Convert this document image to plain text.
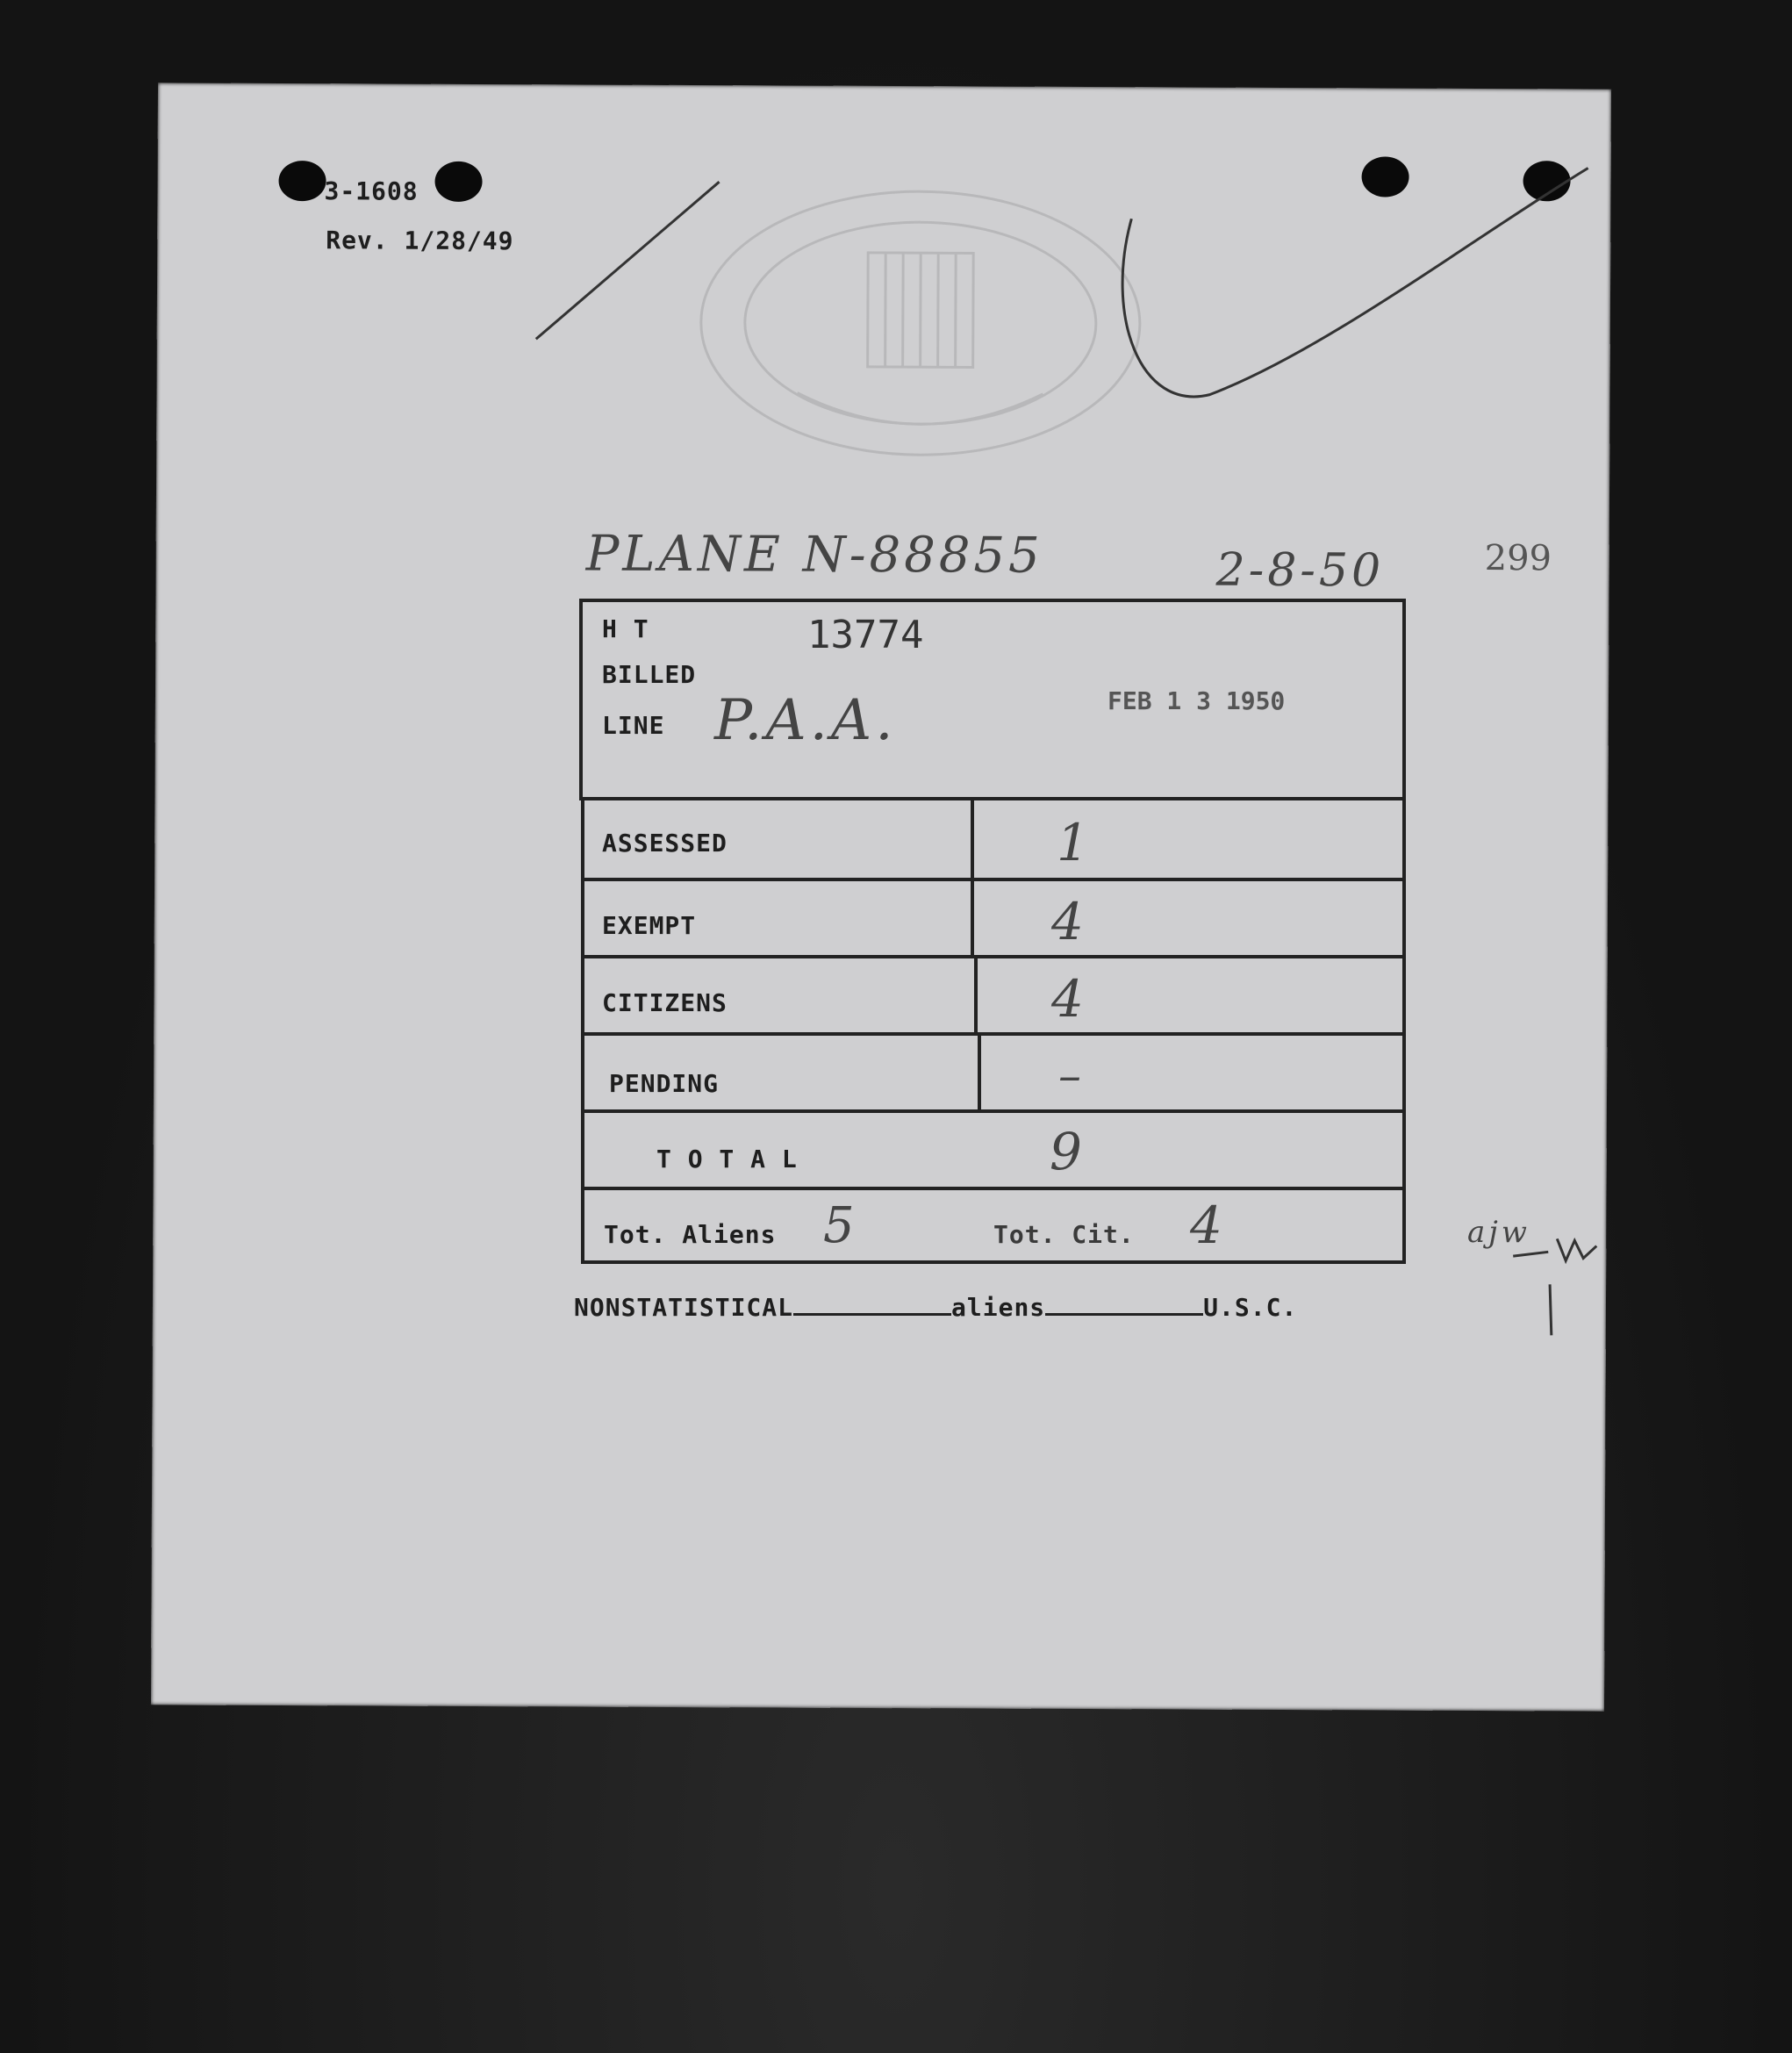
3-1608
Rev. 1/28/49
299
PLANE N-88855	2-8-50
H T	13774
BILLED
LINE P.A.A.	FEB 1 3 1950
ASSESSED	1
EXEMPT	4
CITIZENS	4
PENDING	–
T O T A L	9
Tot. Aliens 5	Tot. Cit. 4
NONSTATISTICAL	aliens	U.S.C.
ajw
